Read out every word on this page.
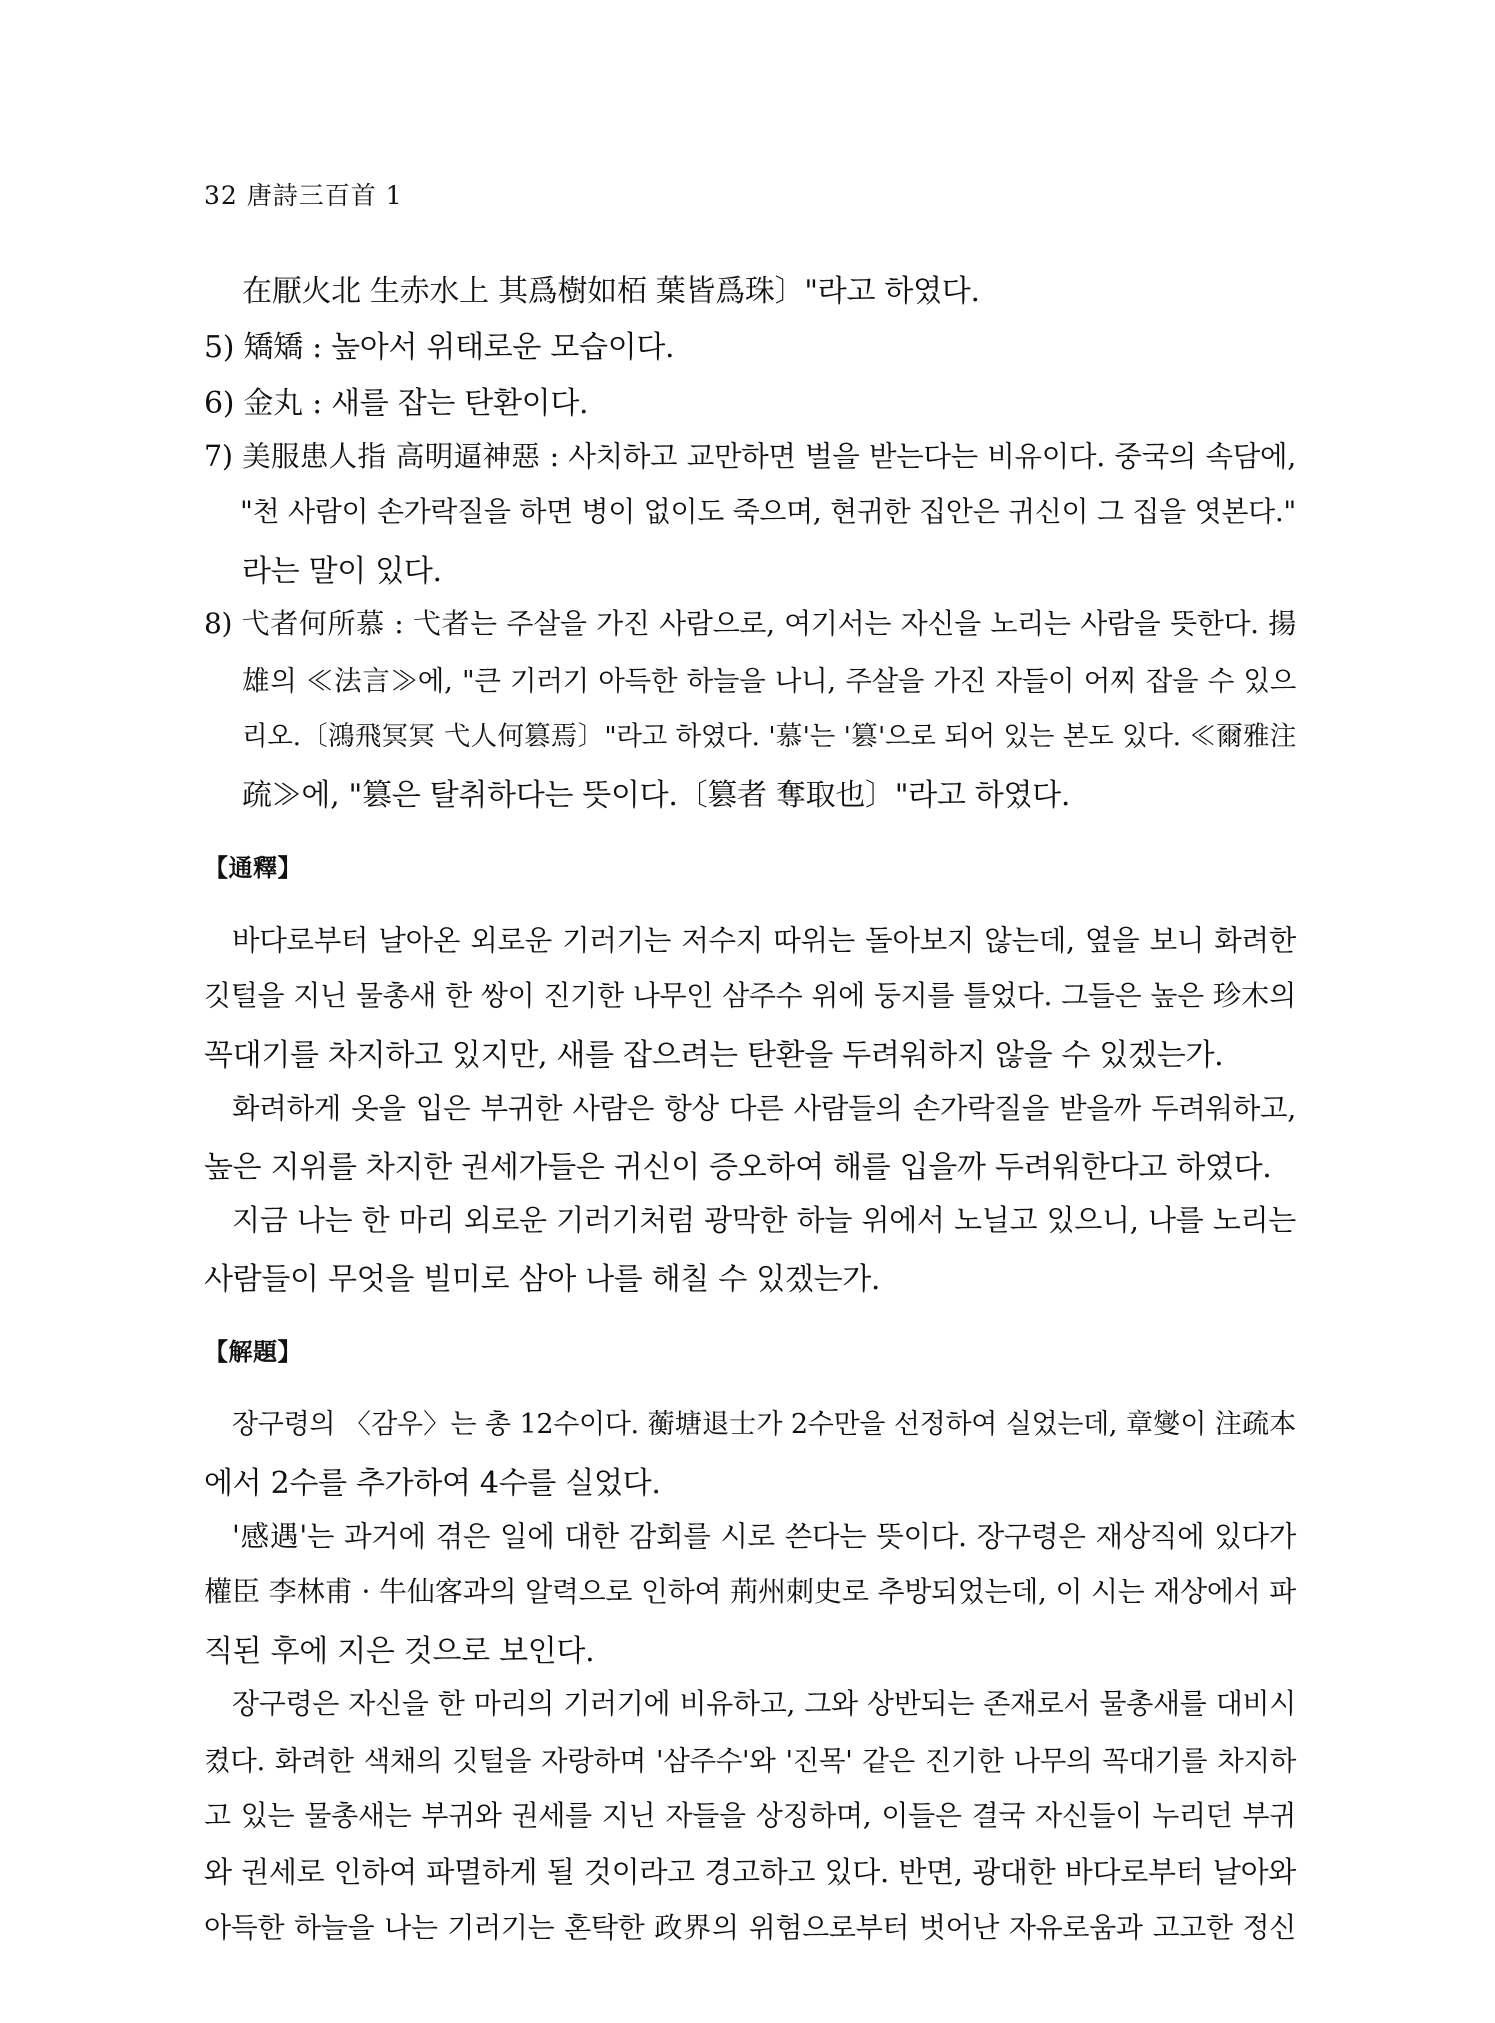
32 唐詩三百首 1
在厭火北 生赤水上 其爲樹如栢 葉皆爲珠〕"라고 하였다.
5) 矯矯 : 높아서 위태로운 모습이다.
6) 金丸 : 새를 잡는 탄환이다.
7) 美服患人指 高明逼神惡 : 사치하고 교만하면 벌을 받는다는 비유이다. 중국의 속담에,
"천 사람이 손가락질을 하면 병이 없이도 죽으며, 현귀한 집안은 귀신이 그 집을 엿본다."
라는 말이 있다.
8) 弋者何所慕 : 弋者는 주살을 가진 사람으로, 여기서는 자신을 노리는 사람을 뜻한다. 揚
雄의 ≪法言≫에, "큰 기러기 아득한 하늘을 나니, 주살을 가진 자들이 어찌 잡을 수 있으
리오.〔鴻飛冥冥 弋人何篡焉〕"라고 하였다. '慕'는 '篡'으로 되어 있는 본도 있다. ≪爾雅注
疏≫에, "篡은 탈취하다는 뜻이다.〔篡者 奪取也〕"라고 하였다.
【通釋】
바다로부터 날아온 외로운 기러기는 저수지 따위는 돌아보지 않는데, 옆을 보니 화려한
깃털을 지닌 물총새 한 쌍이 진기한 나무인 삼주수 위에 둥지를 틀었다. 그들은 높은 珍木의
꼭대기를 차지하고 있지만, 새를 잡으려는 탄환을 두려워하지 않을 수 있겠는가.
화려하게 옷을 입은 부귀한 사람은 항상 다른 사람들의 손가락질을 받을까 두려워하고,
높은 지위를 차지한 권세가들은 귀신이 증오하여 해를 입을까 두려워한다고 하였다.
지금 나는 한 마리 외로운 기러기처럼 광막한 하늘 위에서 노닐고 있으니, 나를 노리는
사람들이 무엇을 빌미로 삼아 나를 해칠 수 있겠는가.
【解題】
장구령의 〈감우〉는 총 12수이다. 蘅塘退士가 2수만을 선정하여 실었는데, 章燮이 注疏本
에서 2수를 추가하여 4수를 실었다.
'感遇'는 과거에 겪은 일에 대한 감회를 시로 쓴다는 뜻이다. 장구령은 재상직에 있다가
權臣 李林甫 · 牛仙客과의 알력으로 인하여 荊州刺史로 추방되었는데, 이 시는 재상에서 파
직된 후에 지은 것으로 보인다.
장구령은 자신을 한 마리의 기러기에 비유하고, 그와 상반되는 존재로서 물총새를 대비시
켰다. 화려한 색채의 깃털을 자랑하며 '삼주수'와 '진목' 같은 진기한 나무의 꼭대기를 차지하
고 있는 물총새는 부귀와 권세를 지닌 자들을 상징하며, 이들은 결국 자신들이 누리던 부귀
와 권세로 인하여 파멸하게 될 것이라고 경고하고 있다. 반면, 광대한 바다로부터 날아와
아득한 하늘을 나는 기러기는 혼탁한 政界의 위험으로부터 벗어난 자유로움과 고고한 정신
